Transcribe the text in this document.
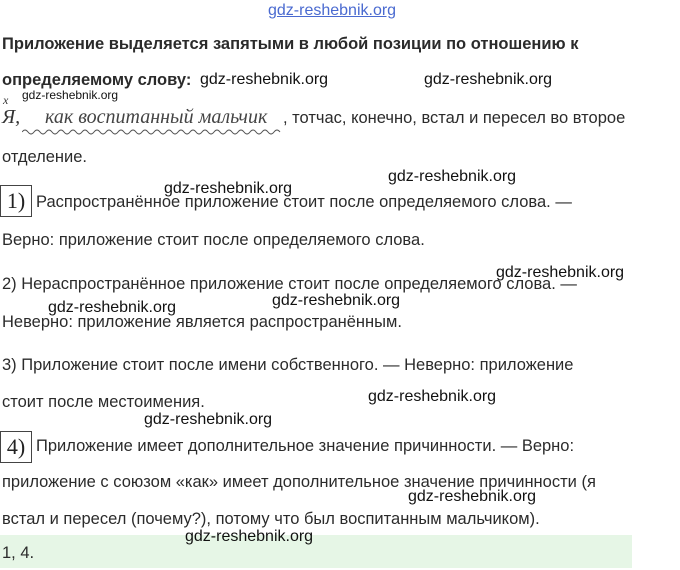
gdz-reshebnik.org
Приложение выделяется запятыми в любой позиции по отношению к
определяемому слову: gdz-reshebnik.org	gdz-reshebnik.org
x gdz-reshebnik.org
Я, как воспитанный мальчик , тотчас, конечно, встал и пересел во второе
отделение.
gdz-reshebnik.org
gdz-reshebnik.org
1) Распространённое приложение стоит после определяемого слова. —
Верно: приложение стоит после определяемого слова.
gdz-reshebnik.org
2) Нераспространённое приложение стоит после определяемого слова. —
gdz-reshebnik.org
gdz-reshebnik.org
Неверно: приложение является распространённым.
3) Приложение стоит после имени собственного. — Неверно: приложение
gdz-reshebnik.org
стоит после местоимения.
gdz-reshebnik.org
4) Приложение имеет дополнительное значение причинности. — Верно:
приложение с союзом «как» имеет дополнительное значение причинности (я
gdz-reshebnik.org
встал и пересел (почему?), потому что был воспитанным мальчиком).
gdz-reshebnik.org
1, 4.
